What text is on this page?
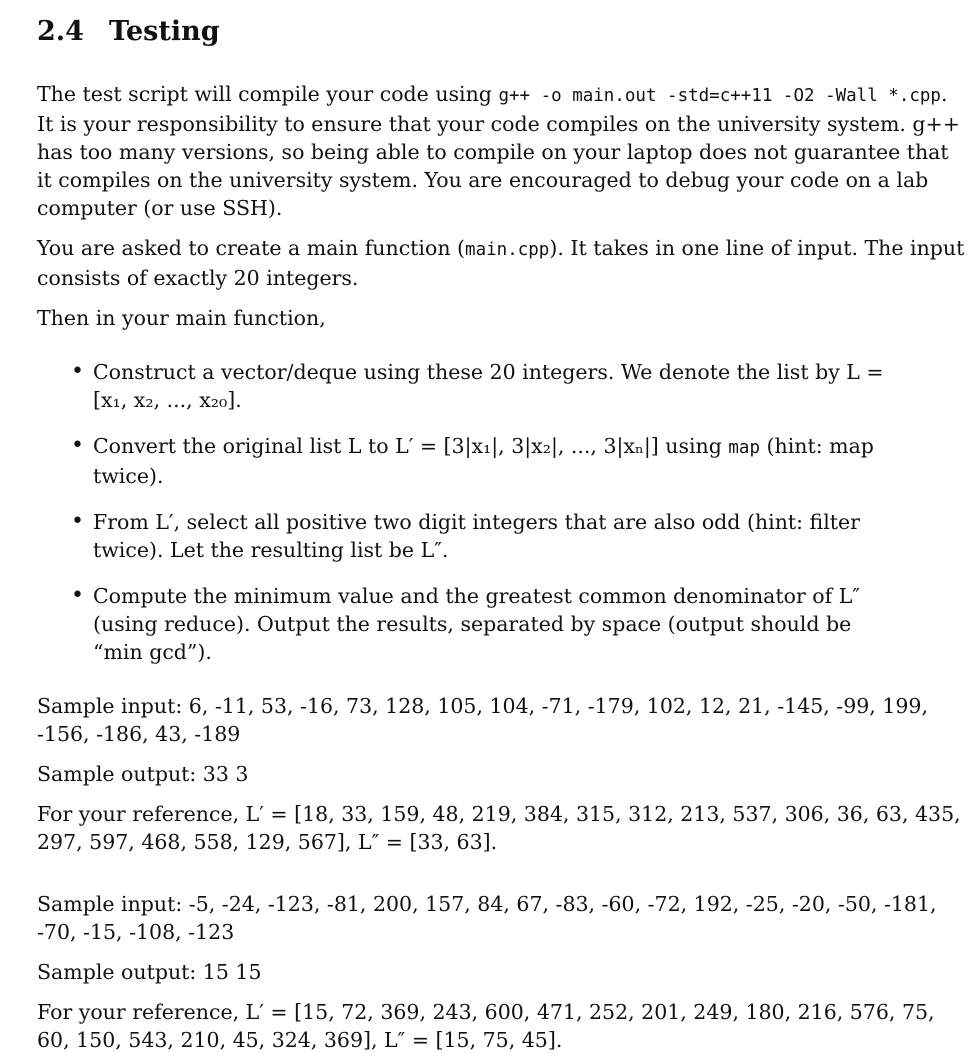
2.4 Testing

The test script will compile your code using g++ -o main.out -std=c++11 -O2 -Wall *.cpp. It is your responsibility to ensure that your code compiles on the university system. g++ has too many versions, so being able to compile on your laptop does not guarantee that it compiles on the university system. You are encouraged to debug your code on a lab computer (or use SSH).

You are asked to create a main function (main.cpp). It takes in one line of input. The input consists of exactly 20 integers.

Then in your main function,

• Construct a vector/deque using these 20 integers. We denote the list by L = [x₁, x₂, ..., x₂₀].
• Convert the original list L to L′ = [3|x₁|, 3|x₂|, ..., 3|xₙ|] using map (hint: map twice).
• From L′, select all positive two digit integers that are also odd (hint: filter twice). Let the resulting list be L″.
• Compute the minimum value and the greatest common denominator of L″ (using reduce). Output the results, separated by space (output should be “min gcd”).

Sample input: 6, -11, 53, -16, 73, 128, 105, 104, -71, -179, 102, 12, 21, -145, -99, 199, -156, -186, 43, -189

Sample output: 33 3

For your reference, L′ = [18, 33, 159, 48, 219, 384, 315, 312, 213, 537, 306, 36, 63, 435, 297, 597, 468, 558, 129, 567], L″ = [33, 63].

Sample input: -5, -24, -123, -81, 200, 157, 84, 67, -83, -60, -72, 192, -25, -20, -50, -181, -70, -15, -108, -123

Sample output: 15 15

For your reference, L′ = [15, 72, 369, 243, 600, 471, 252, 201, 249, 180, 216, 576, 75, 60, 150, 543, 210, 45, 324, 369], L″ = [15, 75, 45].
